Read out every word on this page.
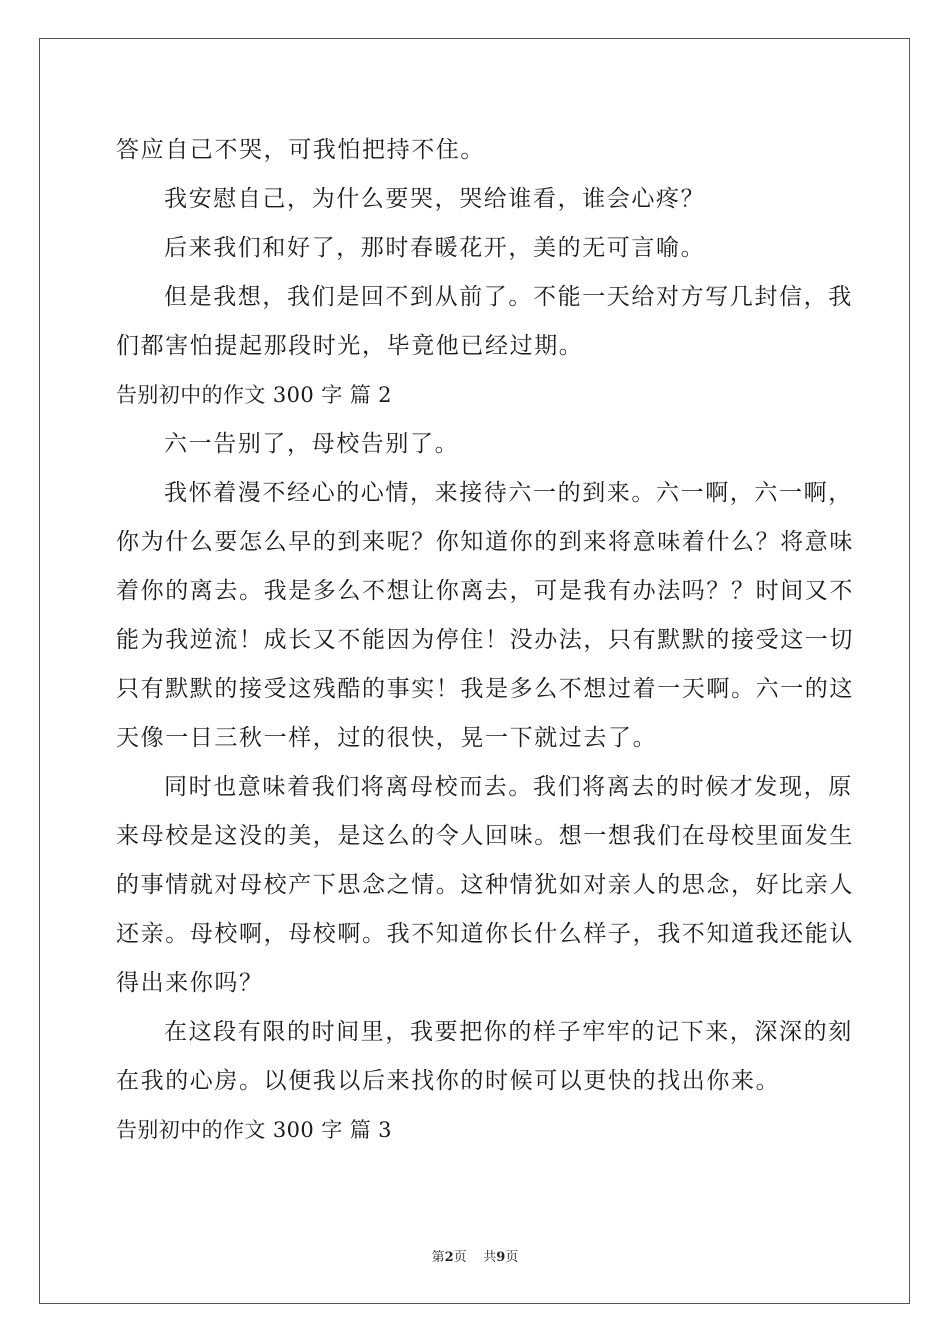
答应自己不哭，可我怕把持不住。
我安慰自己，为什么要哭，哭给谁看，谁会心疼？
后来我们和好了，那时春暖花开，美的无可言喻。
但是我想，我们是回不到从前了。不能一天给对方写几封信，我
们都害怕提起那段时光，毕竟他已经过期。
告别初中的作文 300 字 篇 2
六一告别了，母校告别了。
我怀着漫不经心的心情，来接待六一的到来。六一啊，六一啊，
你为什么要怎么早的到来呢？你知道你的到来将意味着什么？将意味
着你的离去。我是多么不想让你离去，可是我有办法吗？？时间又不
能为我逆流！成长又不能因为停住！没办法，只有默默的接受这一切
只有默默的接受这残酷的事实！我是多么不想过着一天啊。六一的这
天像一日三秋一样，过的很快，晃一下就过去了。
同时也意味着我们将离母校而去。我们将离去的时候才发现，原
来母校是这没的美，是这么的令人回味。想一想我们在母校里面发生
的事情就对母校产下思念之情。这种情犹如对亲人的思念，好比亲人
还亲。母校啊，母校啊。我不知道你长什么样子，我不知道我还能认
得出来你吗？
在这段有限的时间里，我要把你的样子牢牢的记下来，深深的刻
在我的心房。以便我以后来找你的时候可以更快的找出你来。
告别初中的作文 300 字 篇 3
第2页 共9页
